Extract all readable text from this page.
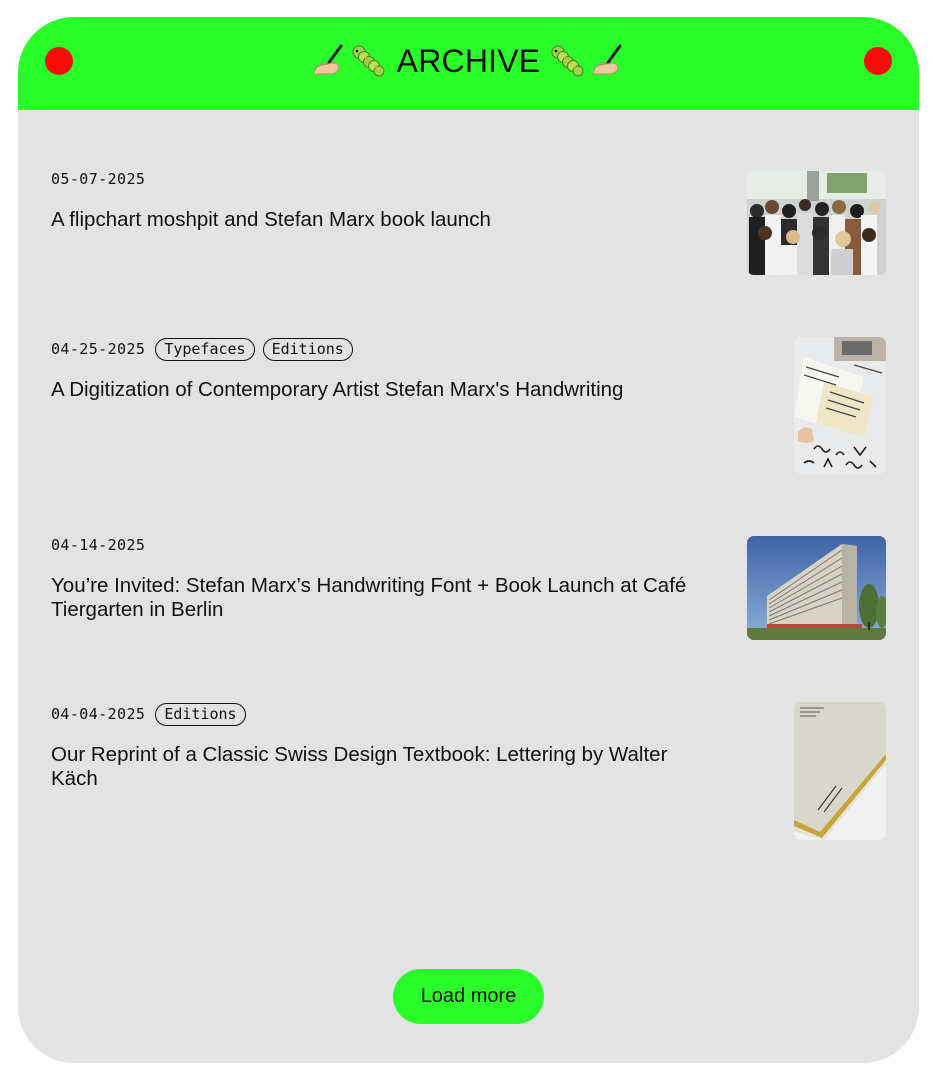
ARCHIVE
05-07-2025
A flipchart moshpit and Stefan Marx book launch
04-25-2025	Typefaces	Editions
A Digitization of Contemporary Artist Stefan Marx's Handwriting
04-14-2025
You’re Invited: Stefan Marx’s Handwriting Font + Book Launch at Café Tiergarten in Berlin
04-04-2025	Editions
Our Reprint of a Classic Swiss Design Textbook: Lettering by Walter Käch
Load more
